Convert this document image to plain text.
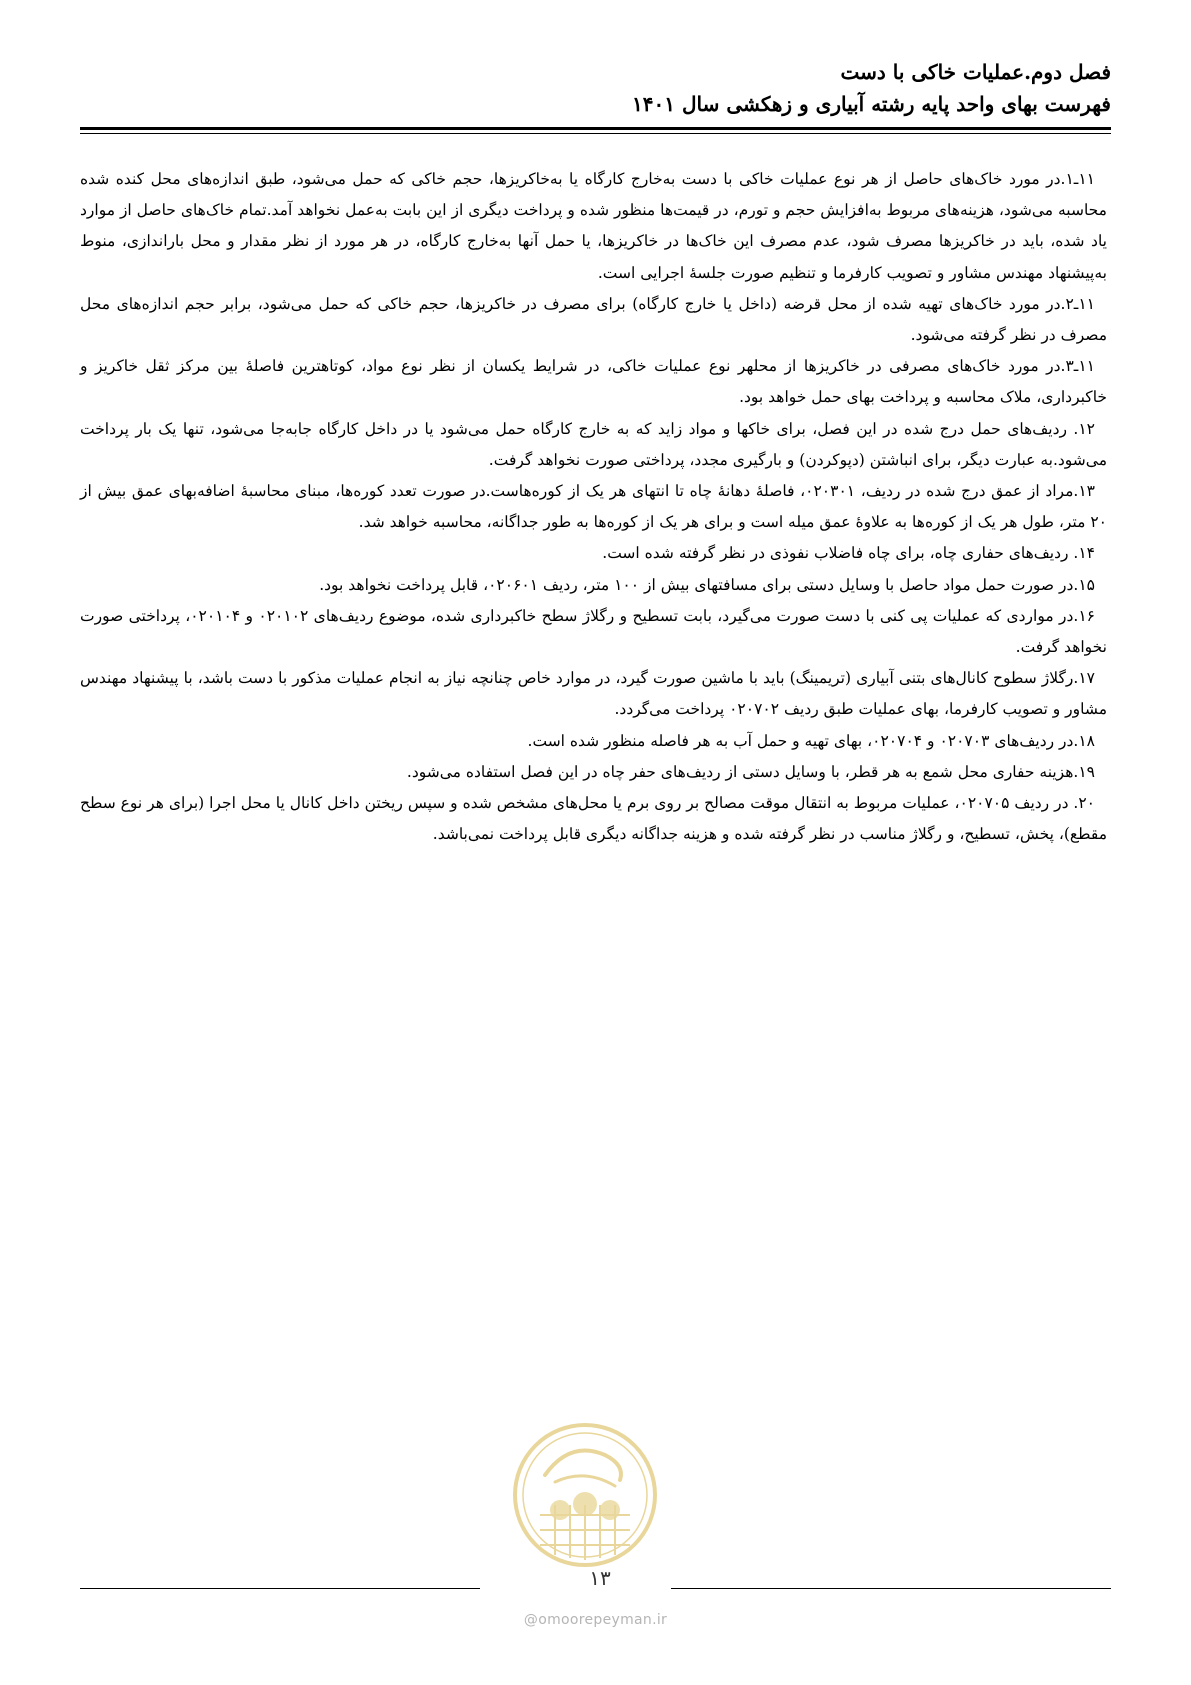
فصل دوم.عملیات خاکی با دست
فهرست بهای واحد پایه رشته آبیاری و زهکشی سال ۱۴۰۱

۱۱ـ۱.در مورد خاک‌های حاصل از هر نوع عملیات خاکی با دست به‌خارج کارگاه یا به‌خاکریزها، حجم خاکی که حمل می‌شود، طبق اندازه‌های محل کنده شده محاسبه می‌شود، هزینه‌های مربوط به‌افزایش حجم و تورم، در قیمت‌ها منظور شده و پرداخت دیگری از این بابت به‌عمل نخواهد آمد.تمام خاک‌های حاصل از موارد یاد شده، باید در خاکریزها مصرف شود، عدم مصرف این خاک‌ها در خاکریزها، یا حمل آنها به‌خارج کارگاه، در هر مورد از نظر مقدار و محل باراندازی، منوط به‌پیشنهاد مهندس مشاور و تصویب کارفرما و تنظیم صورت جلسهٔ اجرایی است.

۱۱ـ۲.در مورد خاک‌های تهیه شده از محل قرضه (داخل یا خارج کارگاه) برای مصرف در خاکریزها، حجم خاکی که حمل می‌شود، برابر حجم اندازه‌های محل مصرف در نظر گرفته می‌شود.

۱۱ـ۳.در مورد خاک‌های مصرفی در خاکریزها از محلهر نوع عملیات خاکی، در شرایط یکسان از نظر نوع مواد، کوتاهترین فاصلهٔ بین مرکز ثقل خاکریز و خاکبرداری، ملاک محاسبه و پرداخت بهای حمل خواهد بود.

۱۲. ردیف‌های حمل درج شده در این فصل، برای خاکها و مواد زاید که به خارج کارگاه حمل می‌شود یا در داخل کارگاه جابه‌جا می‌شود، تنها یک بار پرداخت می‌شود.به عبارت دیگر، برای انباشتن (دپوکردن) و بارگیری مجدد، پرداختی صورت نخواهد گرفت.

۱۳.مراد از عمق درج شده در ردیف، ۰۲۰۳۰۱، فاصلهٔ دهانهٔ چاه تا انتهای هر یک از کوره‌هاست.در صورت تعدد کوره‌ها، مبنای محاسبهٔ اضافه‌بهای عمق بیش از ۲۰ متر، طول هر یک از کوره‌ها به علاوهٔ عمق میله است و برای هر یک از کوره‌ها به طور جداگانه، محاسبه خواهد شد.

۱۴. ردیف‌های حفاری چاه، برای چاه فاضلاب نفوذی در نظر گرفته شده است.

۱۵.در صورت حمل مواد حاصل با وسایل دستی برای مسافتهای بیش از ۱۰۰ متر، ردیف ۰۲۰۶۰۱، قابل پرداخت نخواهد بود.

۱۶.در مواردی که عملیات پی کنی با دست صورت می‌گیرد، بابت تسطیح و رگلاژ سطح خاکبرداری شده، موضوع ردیف‌های ۰۲۰۱۰۲ و ۰۲۰۱۰۴، پرداختی صورت نخواهد گرفت.

۱۷.رگلاژ سطوح کانال‌های بتنی آبیاری (تریمینگ) باید با ماشین صورت گیرد، در موارد خاص چنانچه نیاز به انجام عملیات مذکور با دست باشد، با پیشنهاد مهندس مشاور و تصویب کارفرما، بهای عملیات طبق ردیف ۰۲۰۷۰۲ پرداخت می‌گردد.

۱۸.در ردیف‌های ۰۲۰۷۰۳ و ۰۲۰۷۰۴، بهای تهیه و حمل آب به هر فاصله منظور شده است.

۱۹.هزینه حفاری محل شمع به هر قطر، با وسایل دستی از ردیف‌های حفر چاه در این فصل استفاده می‌شود.

۲۰. در ردیف ۰۲۰۷۰۵، عملیات مربوط به انتقال موقت مصالح بر روی برم یا محل‌های مشخص شده و سپس ریختن داخل کانال یا محل اجرا (برای هر نوع سطح مقطع)، پخش، تسطیح، و رگلاژ مناسب در نظر گرفته شده و هزینه جداگانه دیگری قابل پرداخت نمی‌باشد.

۱۳
@omoorepeyman.ir
